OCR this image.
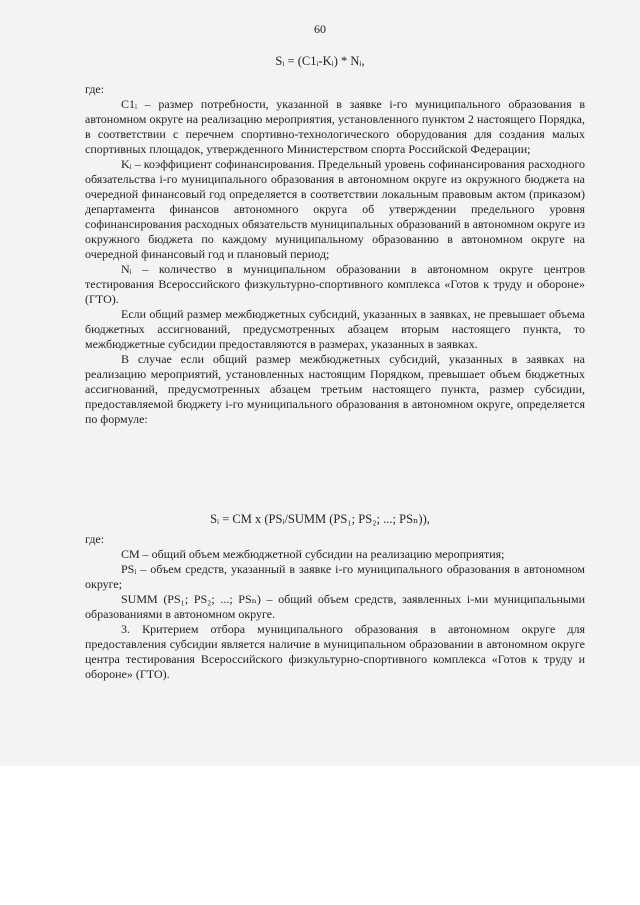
60
Sᵢ = (C1ᵢ-Kᵢ) * Nᵢ,

где:

C1ᵢ – размер потребности, указанной в заявке i-го муниципального образования в автономном округе на реализацию мероприятия, установленного пунктом 2 настоящего Порядка, в соответствии с перечнем спортивно-технологического оборудования для создания малых спортивных площадок, утвержденного Министерством спорта Российской Федерации;

Kᵢ – коэффициент софинансирования. Предельный уровень софинансирования расходного обязательства i-го муниципального образования в автономном округе из окружного бюджета на очередной финансовый год определяется в соответствии локальным правовым актом (приказом) департамента финансов автономного округа об утверждении предельного уровня софинансирования расходных обязательств муниципальных образований в автономном округе из окружного бюджета по каждому муниципальному образованию в автономном округе на очередной финансовый год и плановый период;

Nᵢ – количество в муниципальном образовании в автономном округе центров тестирования Всероссийского физкультурно-спортивного комплекса «Готов к труду и обороне» (ГТО).

Если общий размер межбюджетных субсидий, указанных в заявках, не превышает объема бюджетных ассигнований, предусмотренных абзацем вторым настоящего пункта, то межбюджетные субсидии предоставляются в размерах, указанных в заявках.

В случае если общий размер межбюджетных субсидий, указанных в заявках на реализацию мероприятий, установленных настоящим Порядком, превышает объем бюджетных ассигнований, предусмотренных абзацем третьим настоящего пункта, размер субсидии, предоставляемой бюджету i-го муниципального образования в автономном округе, определяется по формуле:

Sᵢ = CM x (PSᵢ/SUMM (PS₁; PS₂; ...; PSₙ)),

где:

CM – общий объем межбюджетной субсидии на реализацию мероприятия;

PSᵢ – объем средств, указанный в заявке i-го муниципального образования в автономном округе;

SUMM (PS₁; PS₂; ...; PSₙ) – общий объем средств, заявленных i-ми муниципальными образованиями в автономном округе.

3. Критерием отбора муниципального образования в автономном округе для предоставления субсидии является наличие в муниципальном образовании в автономном округе центра тестирования Всероссийского физкультурно-спортивного комплекса «Готов к труду и обороне» (ГТО).
